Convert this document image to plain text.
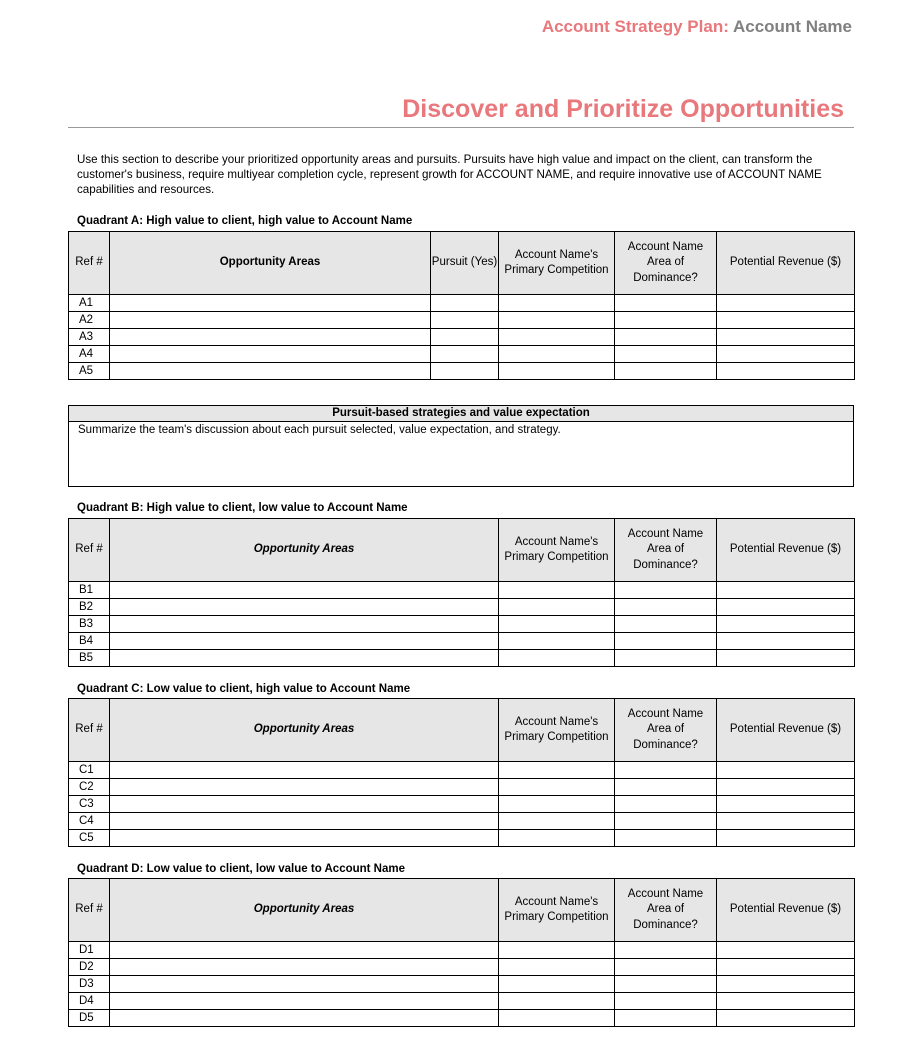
Account Strategy Plan: Account Name
Discover and Prioritize Opportunities
Use this section to describe your prioritized opportunity areas and pursuits. Pursuits have high value and impact on the client, can transform the customer's business, require multiyear completion cycle, represent growth for ACCOUNT NAME, and require innovative use of ACCOUNT NAME capabilities and resources.
Quadrant A: High value to client, high value to Account Name
Ref #	Opportunity Areas	Pursuit (Yes)	Account Name's Primary Competition	Account Name Area of Dominance?	Potential Revenue ($)
A1					
A2					
A3					
A4					
A5					
Pursuit-based strategies and value expectation
Summarize the team's discussion about each pursuit selected, value expectation, and strategy.
Quadrant B: High value to client, low value to Account Name
Ref #	Opportunity Areas	Account Name's Primary Competition	Account Name Area of Dominance?	Potential Revenue ($)
B1				
B2				
B3				
B4				
B5				
Quadrant C: Low value to client, high value to Account Name
Ref #	Opportunity Areas	Account Name's Primary Competition	Account Name Area of Dominance?	Potential Revenue ($)
C1				
C2				
C3				
C4				
C5				
Quadrant D: Low value to client, low value to Account Name
Ref #	Opportunity Areas	Account Name's Primary Competition	Account Name Area of Dominance?	Potential Revenue ($)
D1				
D2				
D3				
D4				
D5				
